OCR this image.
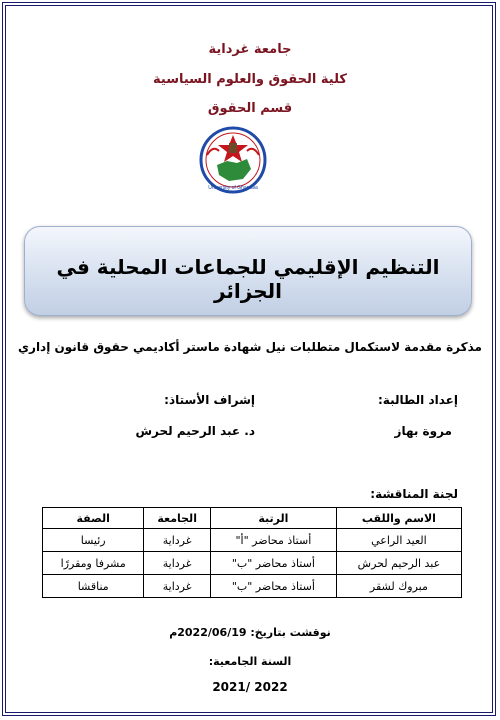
جامعة غرداية
كلية الحقوق والعلوم السياسية
قسم الحقوق
University of Ghardaia
التنظيم الإقليمي للجماعات المحلية في الجزائر
مذكرة مقدمة لاستكمال متطلبات نيل شهادة ماستر أكاديمي حقوق قانون إداري
إعداد الطالبة:
إشراف الأستاذ:
مروة بهاز
د. عبد الرحيم لحرش
لجنة المناقشة:
الاسم واللقب	الرتبة	الجامعة	الصفة
العيد الراعي	أستاذ محاضر "أ"	غرداية	رئيسا
عبد الرحيم لحرش	أستاذ محاضر "ب"	غرداية	مشرفا ومقررًا
مبروك لشقر	أستاذ محاضر "ب"	غرداية	مناقشا
نوقشت بتاريخ: 2022/06/19م
السنة الجامعية:
2022 /2021
